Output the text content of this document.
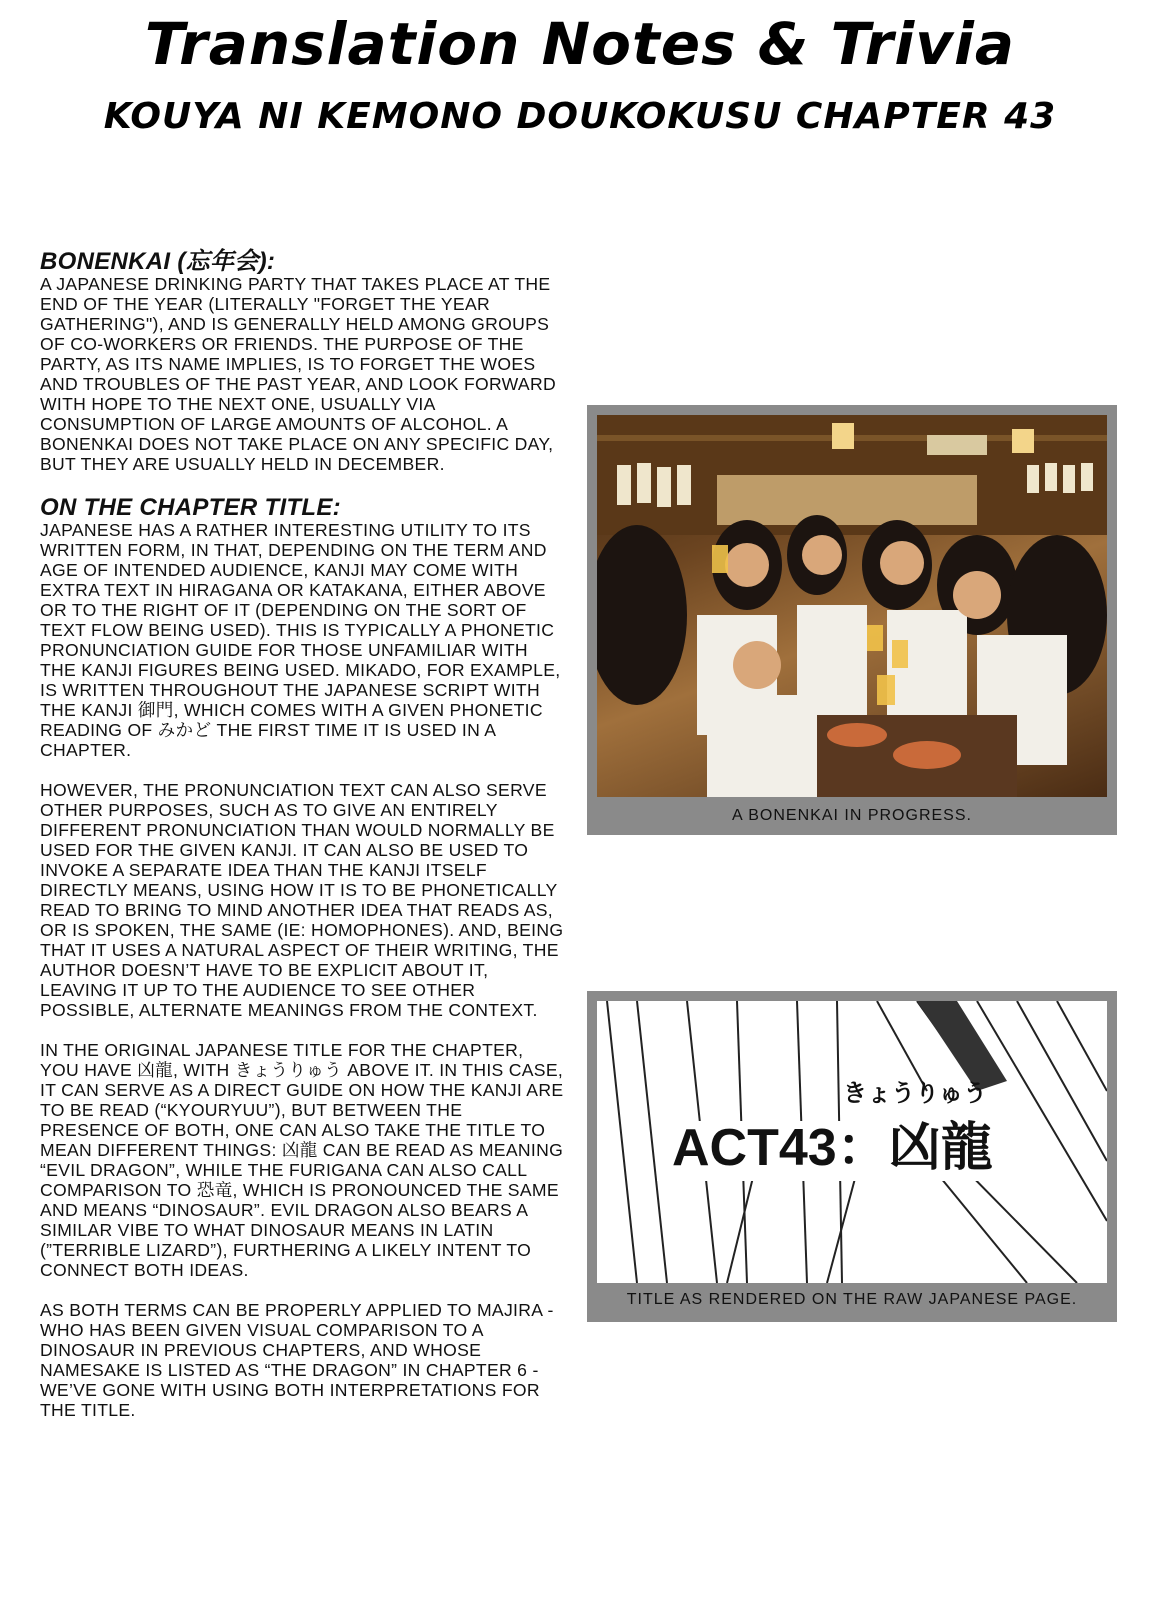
Translation Notes & Trivia
KOUYA NI KEMONO DOUKOKUSU CHAPTER 43
BONENKAI (忘年会):

A JAPANESE DRINKING PARTY THAT TAKES PLACE AT THE END OF THE YEAR (LITERALLY "FORGET THE YEAR GATHERING"), AND IS GENERALLY HELD AMONG GROUPS OF CO-WORKERS OR FRIENDS. THE PURPOSE OF THE PARTY, AS ITS NAME IMPLIES, IS TO FORGET THE WOES AND TROUBLES OF THE PAST YEAR, AND LOOK FORWARD WITH HOPE TO THE NEXT ONE, USUALLY VIA CONSUMPTION OF LARGE AMOUNTS OF ALCOHOL. A BONENKAI DOES NOT TAKE PLACE ON ANY SPECIFIC DAY, BUT THEY ARE USUALLY HELD IN DECEMBER.

ON THE CHAPTER TITLE:

JAPANESE HAS A RATHER INTERESTING UTILITY TO ITS WRITTEN FORM, IN THAT, DEPENDING ON THE TERM AND AGE OF INTENDED AUDIENCE, KANJI MAY COME WITH EXTRA TEXT IN HIRAGANA OR KATAKANA, EITHER ABOVE OR TO THE RIGHT OF IT (DEPENDING ON THE SORT OF TEXT FLOW BEING USED). THIS IS TYPICALLY A PHONETIC PRONUNCIATION GUIDE FOR THOSE UNFAMILIAR WITH THE KANJI FIGURES BEING USED. MIKADO, FOR EXAMPLE, IS WRITTEN THROUGHOUT THE JAPANESE SCRIPT WITH THE KANJI 御門, WHICH COMES WITH A GIVEN PHONETIC READING OF みかど THE FIRST TIME IT IS USED IN A CHAPTER.

HOWEVER, THE PRONUNCIATION TEXT CAN ALSO SERVE OTHER PURPOSES, SUCH AS TO GIVE AN ENTIRELY DIFFERENT PRONUNCIATION THAN WOULD NORMALLY BE USED FOR THE GIVEN KANJI. IT CAN ALSO BE USED TO INVOKE A SEPARATE IDEA THAN THE KANJI ITSELF DIRECTLY MEANS, USING HOW IT IS TO BE PHONETICALLY READ TO BRING TO MIND ANOTHER IDEA THAT READS AS, OR IS SPOKEN, THE SAME (IE: HOMOPHONES). AND, BEING THAT IT USES A NATURAL ASPECT OF THEIR WRITING, THE AUTHOR DOESN’T HAVE TO BE EXPLICIT ABOUT IT, LEAVING IT UP TO THE AUDIENCE TO SEE OTHER POSSIBLE, ALTERNATE MEANINGS FROM THE CONTEXT.

IN THE ORIGINAL JAPANESE TITLE FOR THE CHAPTER, YOU HAVE 凶龍, WITH きょうりゅう ABOVE IT. IN THIS CASE, IT CAN SERVE AS A DIRECT GUIDE ON HOW THE KANJI ARE TO BE READ (“KYOURYUU”), BUT BETWEEN THE PRESENCE OF BOTH, ONE CAN ALSO TAKE THE TITLE TO MEAN DIFFERENT THINGS: 凶龍 CAN BE READ AS MEANING “EVIL DRAGON”, WHILE THE FURIGANA CAN ALSO CALL COMPARISON TO 恐竜, WHICH IS PRONOUNCED THE SAME AND MEANS “DINOSAUR”. EVIL DRAGON ALSO BEARS A SIMILAR VIBE TO WHAT DINOSAUR MEANS IN LATIN (”TERRIBLE LIZARD”), FURTHERING A LIKELY INTENT TO CONNECT BOTH IDEAS.

AS BOTH TERMS CAN BE PROPERLY APPLIED TO MAJIRA - WHO HAS BEEN GIVEN VISUAL COMPARISON TO A DINOSAUR IN PREVIOUS CHAPTERS, AND WHOSE NAMESAKE IS LISTED AS “THE DRAGON” IN CHAPTER 6 - WE’VE GONE WITH USING BOTH INTERPRETATIONS FOR THE TITLE.

A BONENKAI IN PROGRESS.
きょうりゅう
ACT43：凶龍
TITLE AS RENDERED ON THE RAW JAPANESE PAGE.
